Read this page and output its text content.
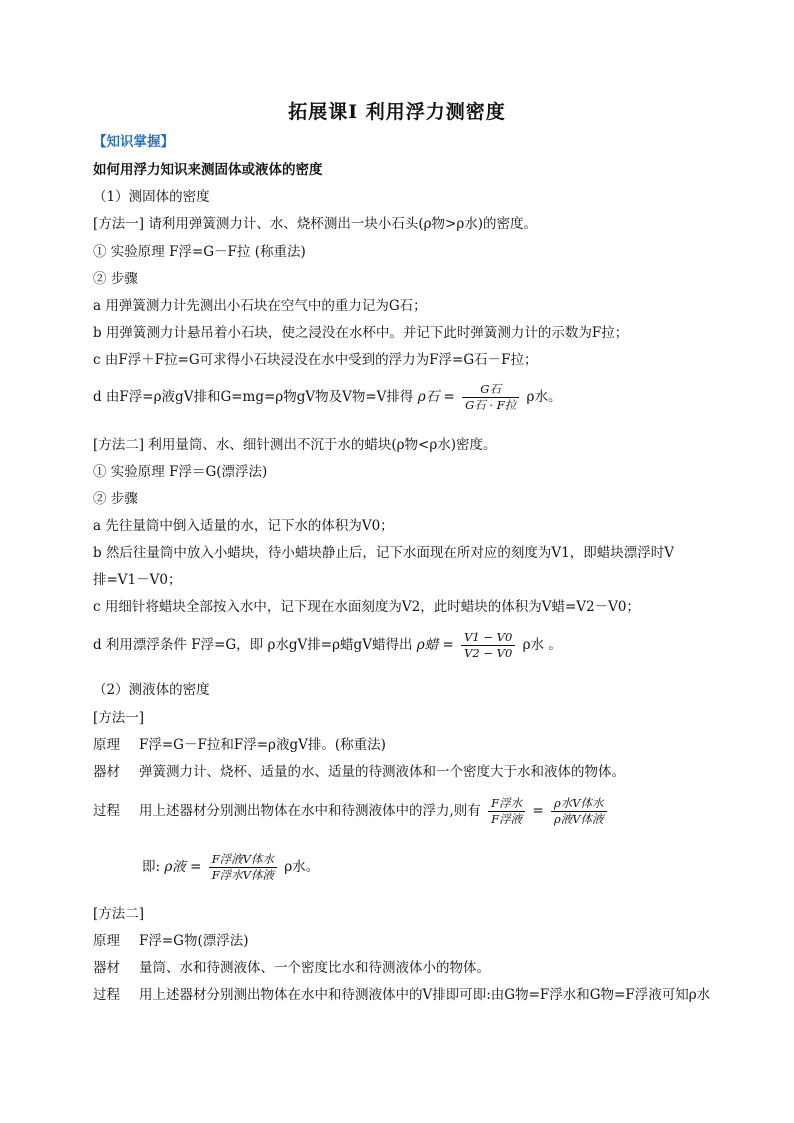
拓展课Ⅰ 利用浮力测密度
【知识掌握】
如何用浮力知识来测固体或液体的密度
（1）测固体的密度
[方法一] 请利用弹簧测力计、水、烧杯测出一块小石头(ρ物>ρ水)的密度。
① 实验原理 F浮=G－F拉 (称重法)
② 步骤
a 用弹簧测力计先测出小石块在空气中的重力记为G石；
b 用弹簧测力计悬吊着小石块，使之浸没在水杯中。并记下此时弹簧测力计的示数为F拉；
c 由F浮＋F拉=G可求得小石块浸没在水中受到的浮力为F浮=G石－F拉；
d 由F浮=ρ液gV排和G=mg=ρ物gV物及V物=V排得 ρ石 = $\frac{\text{G石}}{\text{G石 · F拉}}$ ρ水。
[方法二] 利用量筒、水、细针测出不沉于水的蜡块(ρ物<ρ水)密度。
① 实验原理 F浮＝G(漂浮法)
② 步骤
a 先往量筒中倒入适量的水，记下水的体积为V0；
b 然后往量筒中放入小蜡块，待小蜡块静止后，记下水面现在所对应的刻度为V1，即蜡块漂浮时V
排=V1－V0；
c 用细针将蜡块全部按入水中，记下现在水面刻度为V2，此时蜡块的体积为V蜡=V2－V0；
d 利用漂浮条件 F浮=G，即 ρ水gV排=ρ蜡gV蜡得出 ρ蜡 = $\frac{V1 - V0}{V2 - V0}$ ρ水 。
（2）测液体的密度
[方法一]
原理 F浮=G－F拉和F浮=ρ液gV排。(称重法)
器材 弹簧测力计、烧杯、适量的水、适量的待测液体和一个密度大于水和液体的物体。
过程 用上述器材分别测出物体在水中和待测液体中的浮力,则有 $\frac{\text{F浮水}}{\text{F浮液}} = \frac{\text{ρ水V体水}}{\text{ρ液V体液}}$
即: ρ液 = $\frac{\text{F浮液V体水}}{\text{F浮水V体液}}$ ρ水。
[方法二]
原理 F浮=G物(漂浮法)
器材 量筒、水和待测液体、一个密度比水和待测液体小的物体。
过程 用上述器材分别测出物体在水中和待测液体中的V排即可即:由G物=F浮水和G物=F浮液可知ρ水
